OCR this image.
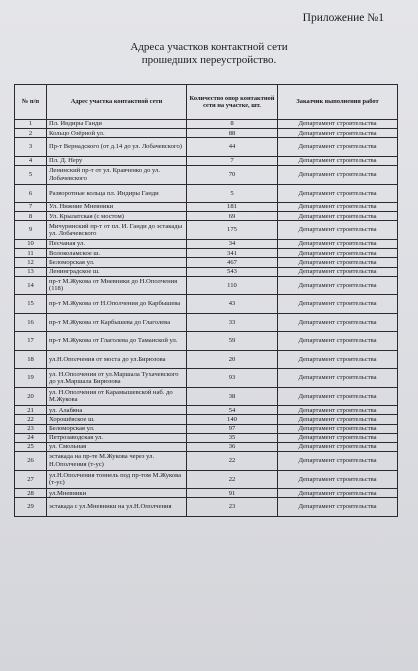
Приложение №1
Адреса участков контактной сети
прошедших переустройство.
№ п/п	Адрес участка контактной сети	Количество опор контактной сети на участке, шт.	Заказчик выполнения работ
1	Пл. Индиры Ганди	8	Департамент строительства
2	Кольцо Озёрной ул.	88	Департамент строительства
3	Пр-т Вернадского (от д.14 до ул. Лобачевского)	44	Департамент строительства
4	Пл. Д. Неру	7	Департамент строительства
5	Ленинский пр-т от ул. Кравченко до ул. Лобачевского	70	Департамент строительства
6	Разворотные кольца пл. Индиры Ганди	5	Департамент строительства
7	Ул. Нижние Мневники	181	Департамент строительства
8	Ул. Крылатская (с мостом)	69	Департамент строительства
9	Мичуринский пр-т от пл. И. Ганди до эстакады ул. Лобачевского	175	Департамент строительства
10	Песчаная ул.	34	Департамент строительства
11	Волоколамское ш.	341	Департамент строительства
12	Беломорская ул.	467	Департамент строительства
13	Ленинградское ш.	543	Департамент строительства
14	пр-т М.Жукова от Мневники до Н.Ополчения (118)	110	Департамент строительства
15	пр-т М.Жукова от Н.Ополчения до Карбышева	43	Департамент строительства
16	пр-т М.Жукова от Карбышева до Глаголева	33	Департамент строительства
17	пр-т М.Жукова от Глаголева до Таманской ул.	59	Департамент строительства
18	ул.Н.Ополчения от моста до ул.Бирюзова	20	Департамент строительства
19	ул. Н.Ополчения от ул.Маршала Тухачевского до ул.Маршала Бирюзова	93	Департамент строительства
20	ул. Н.Ополчения от Карамышевской наб. до М.Жукова	38	Департамент строительства
21	ул. Алабяна	54	Департамент строительства
22	Хорошёвское ш.	140	Департамент строительства
23	Беломорская ул.	97	Департамент строительства
24	Петрозаводская ул.	35	Департамент строительства
25	ул. Смольная	36	Департамент строительства
26	эстакада на пр-те М.Жукова через ул. Н.Ополчения (т-ус)	22	Департамент строительства
27	ул.Н.Ополчения тоннель под пр-том М.Жукова (т-ус)	22	Департамент строительства
28	ул.Мневники	91	Департамент строительства
29	эстакада с ул.Мневники на ул.Н.Ополчения	23	Департамент строительства
